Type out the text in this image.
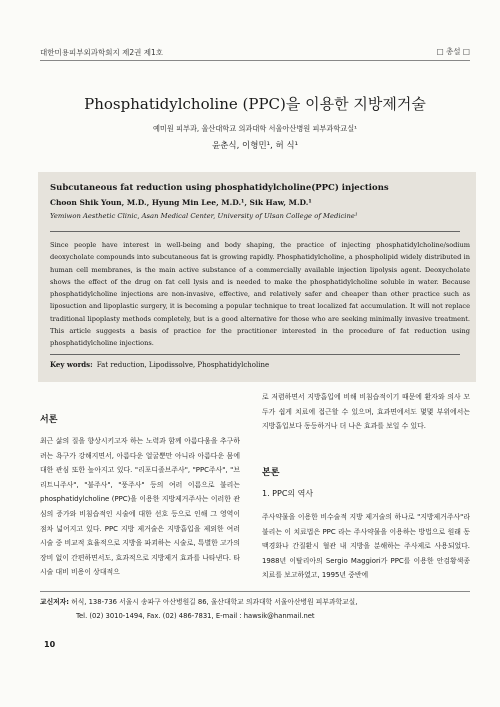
대한미용피부외과학회지 제2권 제1호	□ 총설 □
Phosphatidylcholine (PPC)을 이용한 지방제거술
예미원 피부과, 울산대학교 의과대학 서울아산병원 피부과학교실¹
윤춘식, 이형민¹, 허 식¹
Subcutaneous fat reduction using phosphatidylcholine(PPC) injections
Choon Shik Youn, M.D., Hyung Min Lee, M.D.¹, Sik Haw, M.D.¹
Yemiwon Aesthetic Clinic, Asan Medical Center, University of Ulsan College of Medicine¹
Since people have interest in well-being and body shaping, the practice of injecting phosphatidylcholine/sodium deoxycholate compounds into subcutaneous fat is growing rapidly. Phosphatidylcholine, a phospholipid widely distributed in human cell membranes, is the main active substance of a commercially available injection lipolysis agent. Deoxycholate shows the effect of the drug on fat cell lysis and is needed to make the phosphatidylcholine soluble in water. Because phosphatidylcholine injections are non-invasive, effective, and relatively safer and cheaper than other practice such as liposuction and lipoplastic surgery, it is becoming a popular technique to treat localized fat accumulation. It will not replace traditional lipoplasty methods completely, but is a good alternative for those who are seeking minimally invasive treatment. This article suggests a basis of practice for the practitioner interested in the procedure of fat reduction using phosphatidylcholine injections.
Key words: Fat reduction, Lipodissolve, Phosphatidylcholine
서론
최근 삶의 질을 향상시키고자 하는 노력과 함께 아름다움을 추구하려는 욕구가 강해지면서, 아름다운 얼굴뿐만 아니라 아름다운 몸에 대한 관심 또한 높아지고 있다. "리포디졸브주사", "PPC주사", "브리트니주사", "불주사", "풍주사" 등의 여러 이름으로 불리는 phosphatidylcholine (PPC)을 이용한 지방제거주사는 이러한 관심의 증가와 비침습적인 시술에 대한 선호 등으로 인해 그 영역이 점차 넓어지고 있다. PPC 지방 제거술은 지방흡입을 제외한 여러 시술 중 비교적 효율적으로 지방을 파괴하는 시술로, 특별한 고가의 장비 없이 간편하면서도, 효과적으로 지방제거 효과를 나타낸다. 타 시술 대비 비용이 상대적으
로 저렴하면서 지방흡입에 비해 비침습적이기 때문에 환자와 의사 모두가 쉽게 치료에 접근할 수 있으며, 효과면에서도 몇몇 부위에서는 지방흡입보다 동등하거나 더 나은 효과를 보일 수 있다.
본론
1. PPC의 역사
주사약물을 이용한 비수술적 지방 제거술의 하나로 "지방제거주사"라 불리는 이 치료법은 PPC 라는 주사약물을 이용하는 방법으로 원래 동맥경화나 간질환시 혈관 내 지방을 분해하는 주사제로 사용되었다. 1988년 이탈리아의 Sergio Maggiori가 PPC를 이용한 안검황색종 치료를 보고하였고, 1995년 중반에
교신저자: 허식, 138-736 서울시 송파구 아산병원길 86, 울산대학교 의과대학 서울아산병원 피부과학교실,
Tel. (02) 3010-1494, Fax. (02) 486-7831, E-mail : hawsik@hanmail.net
10
